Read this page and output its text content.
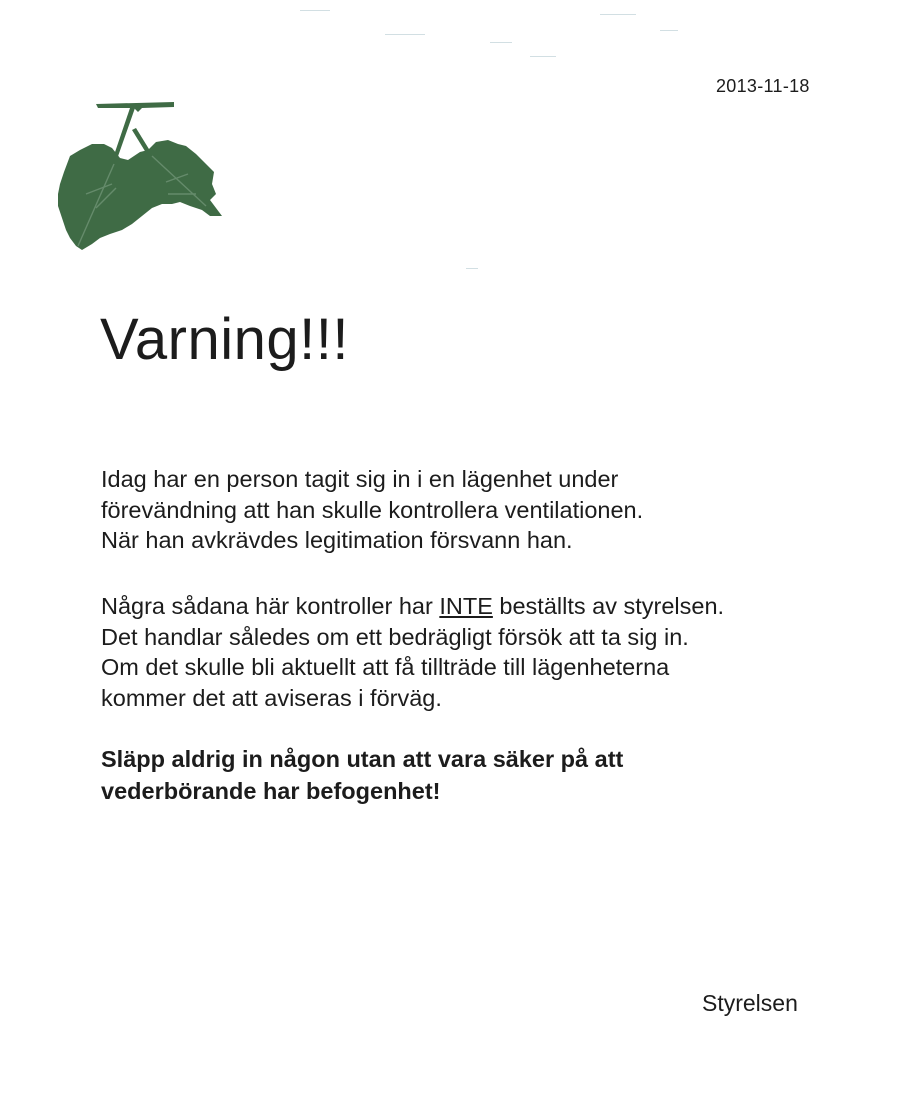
2013-11-18
Varning!!!
Idag har en person tagit sig in i en lägenhet under
förevändning att han skulle kontrollera ventilationen.
När han avkrävdes legitimation försvann han.
Några sådana här kontroller har INTE beställts av styrelsen.
Det handlar således om ett bedrägligt försök att ta sig in.
Om det skulle bli aktuellt att få tillträde till lägenheterna
kommer det att aviseras i förväg.
Släpp aldrig in någon utan att vara säker på att
vederbörande har befogenhet!
Styrelsen
